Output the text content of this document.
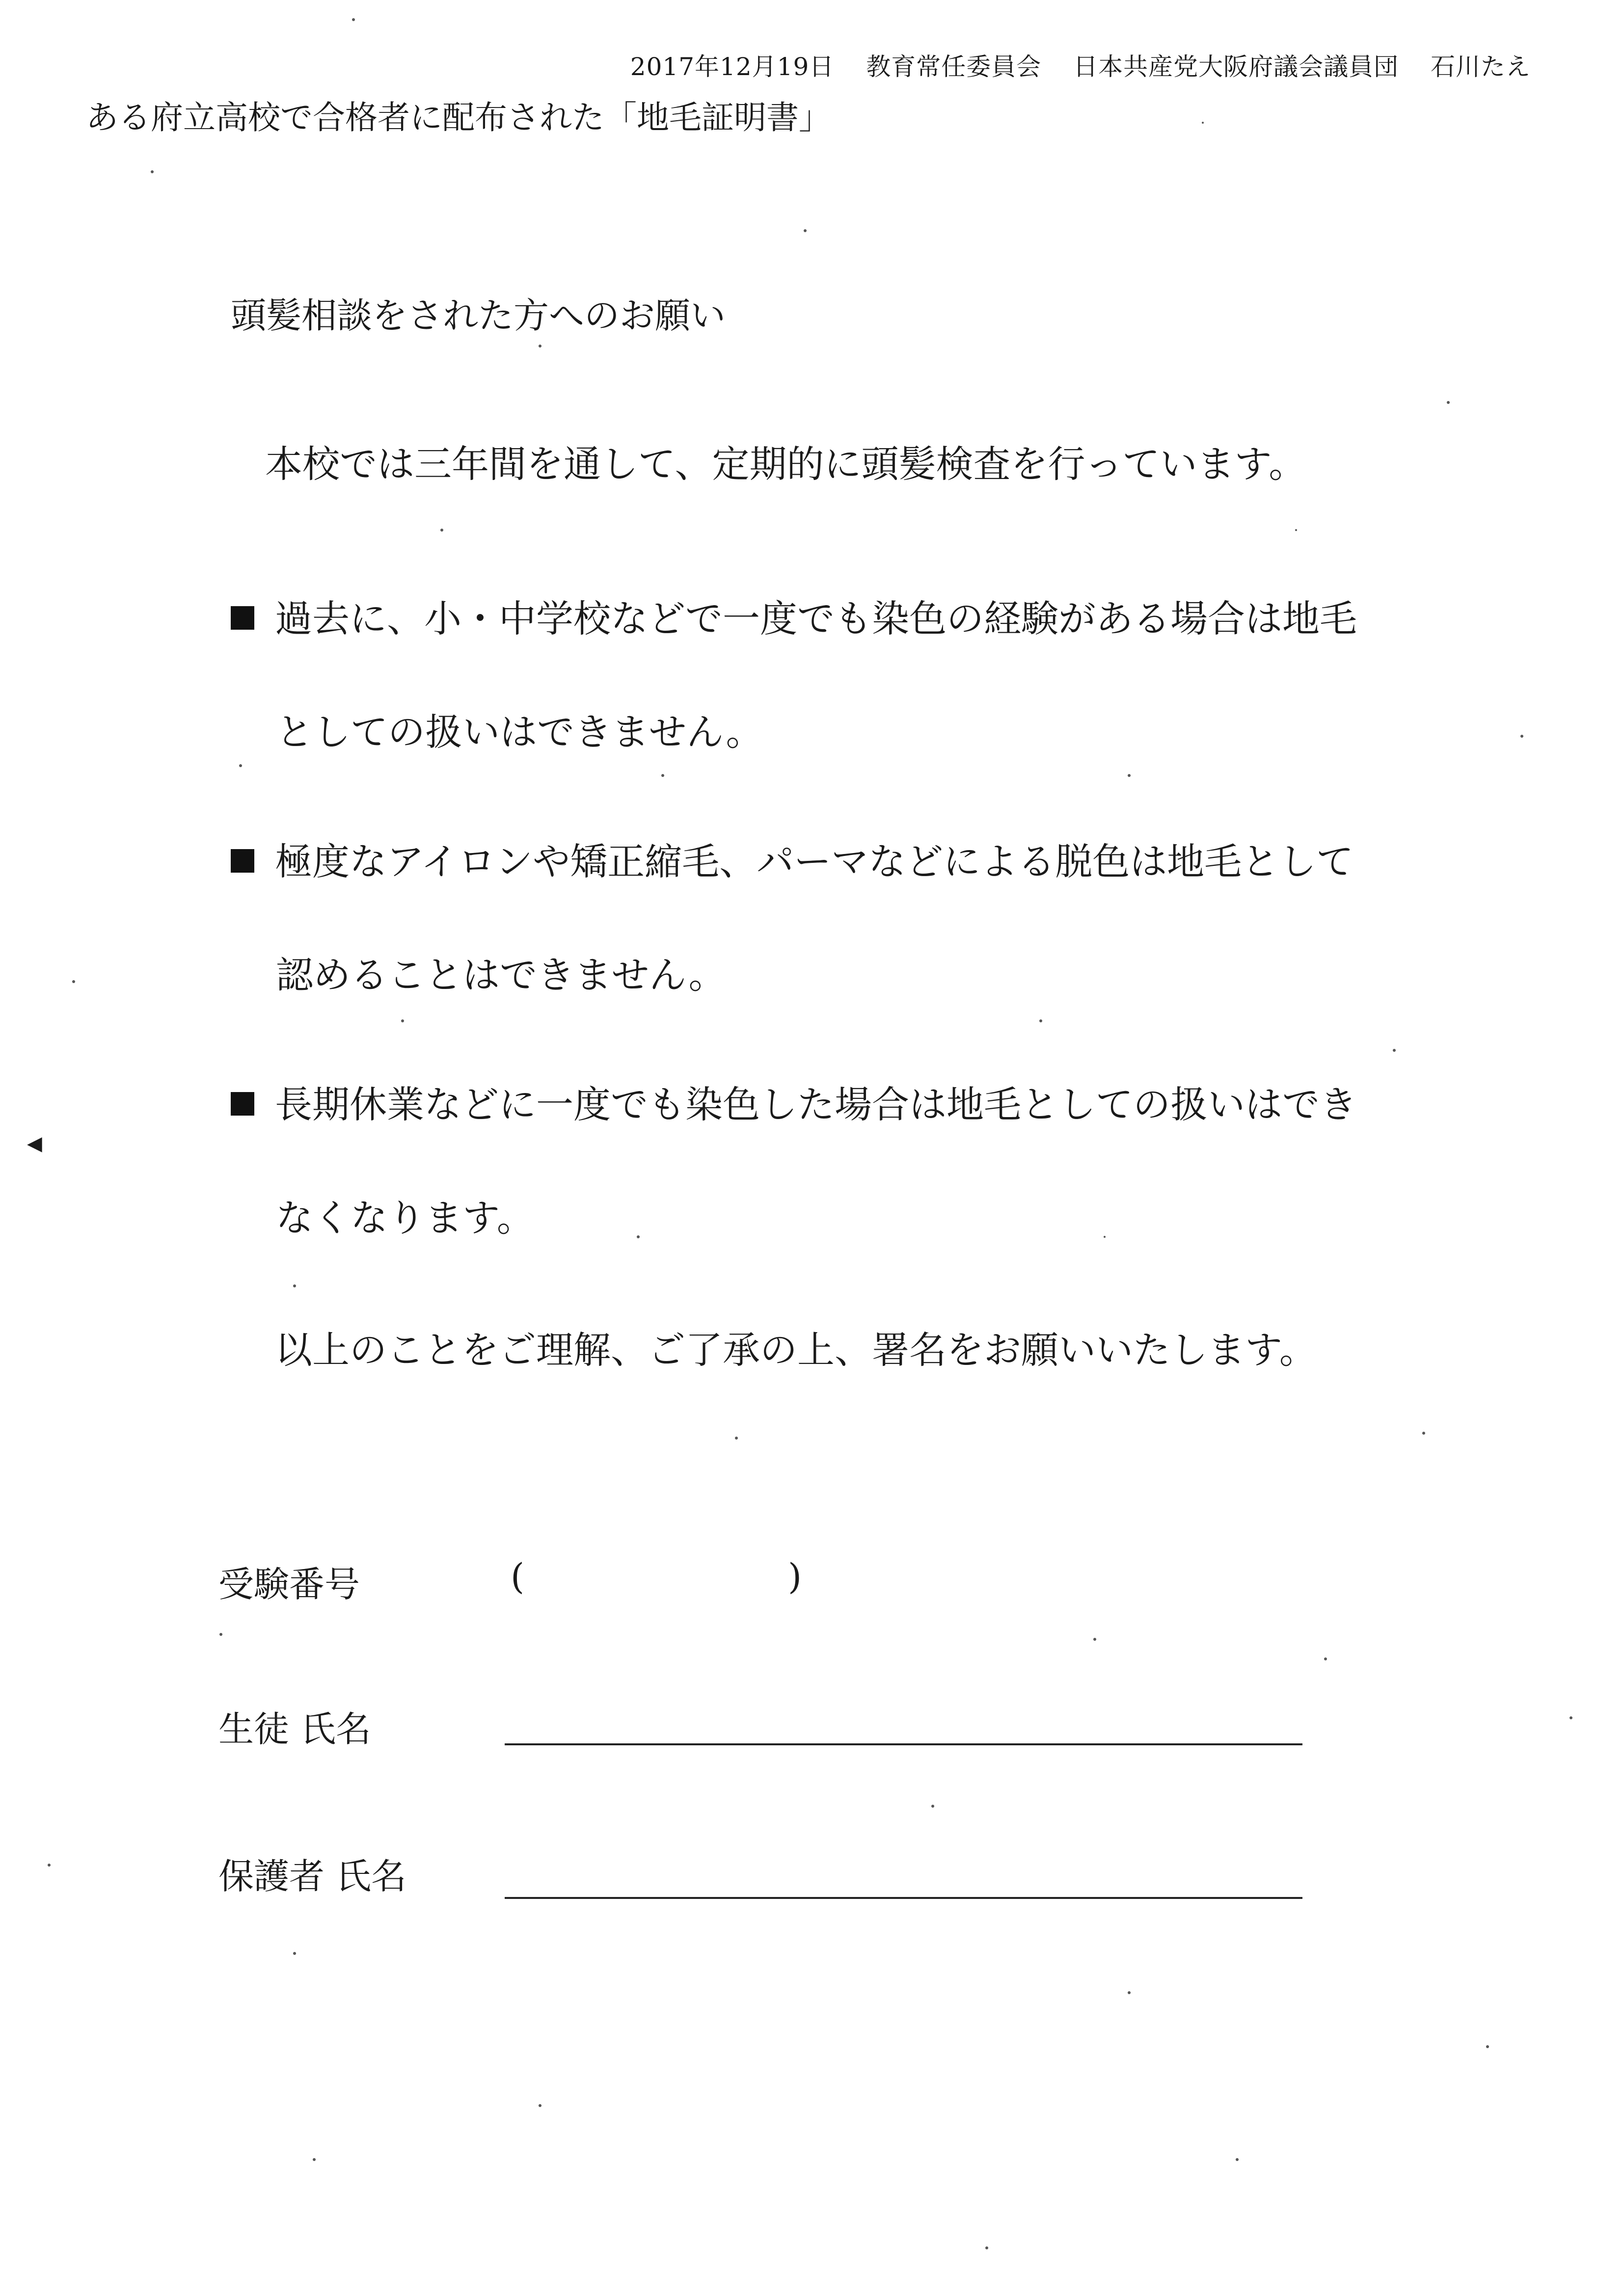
2017年12月19日 教育常任委員会 日本共産党大阪府議会議員団 石川たえ
ある府立高校で合格者に配布された「地毛証明書」
頭髪相談をされた方へのお願い
本校では三年間を通して、定期的に頭髪検査を行っています。
過去に、小・中学校などで一度でも染色の経験がある場合は地毛
としての扱いはできません。
極度なアイロンや矯正縮毛、パーマなどによる脱色は地毛として
認めることはできません。
長期休業などに一度でも染色した場合は地毛としての扱いはでき
なくなります。
以上のことをご理解、ご了承の上、署名をお願いいたします。
受験番号	(	)
生徒 氏名
保護者 氏名
◀
